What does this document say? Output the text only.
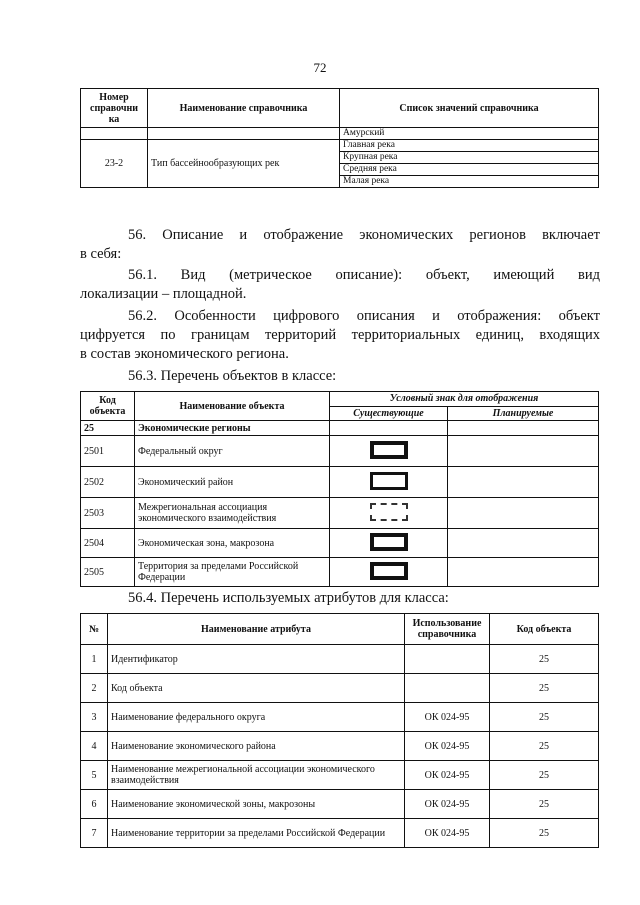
72
Номер справочни ка	Наименование справочника	Список значений справочника
		Амурский
23-2	Тип бассейнообразующих рек	Главная река
		Крупная река
		Средняя река
		Малая река
56. Описание и отображение экономических регионов включает
в себя:
56.1. Вид (метрическое описание): объект, имеющий вид
локализации – площадной.
56.2. Особенности цифрового описания и отображения: объект
цифруется по границам территорий территориальных единиц, входящих
в состав экономического региона.
56.3. Перечень объектов в классе:
Код объекта	Наименование объекта	Условный знак для отображения	
		Существующие	Планируемые
25	Экономические регионы		
2501	Федеральный округ		
2502	Экономический район		
2503	Межрегиональная ассоциация экономического взаимодействия		
2504	Экономическая зона, макрозона		
2505	Территория за пределами Российской Федерации		
56.4. Перечень используемых атрибутов для класса:
№	Наименование атрибута	Использование справочника	Код объекта
1	Идентификатор		25
2	Код объекта		25
3	Наименование федерального округа	ОК 024-95	25
4	Наименование экономического района	ОК 024-95	25
5	Наименование межрегиональной ассоциации экономического взаимодействия	ОК 024-95	25
6	Наименование экономической зоны, макрозоны	ОК 024-95	25
7	Наименование территории за пределами Российской Федерации	ОК 024-95	25
